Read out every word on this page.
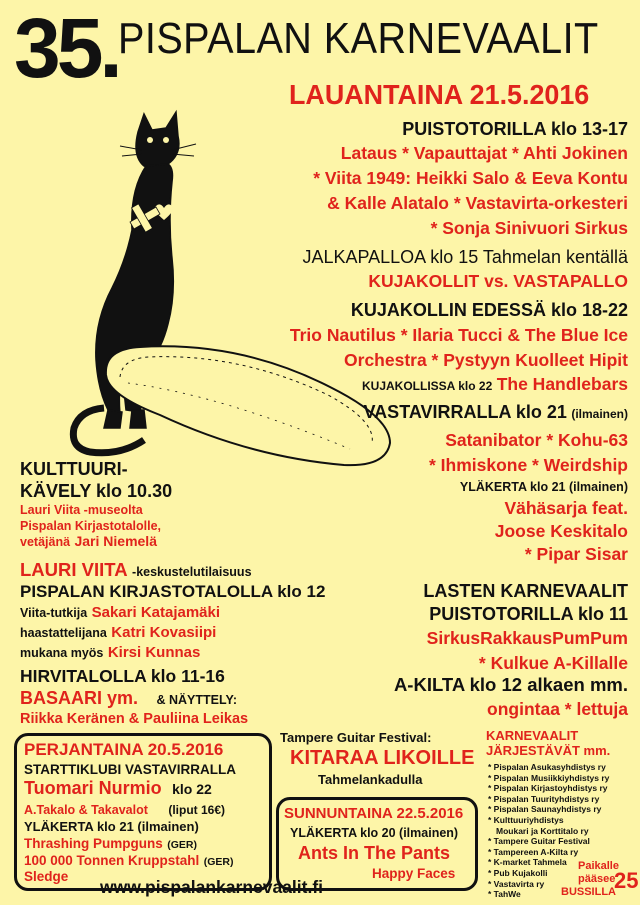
35. PISPALAN KARNEVAALIT
LAUANTAINA 21.5.2016
PUISTOTORILLA klo 13-17
Lataus * Vapauttajat * Ahti Jokinen
* Viita 1949: Heikki Salo & Eeva Kontu
& Kalle Alatalo * Vastavirta-orkesteri
* Sonja Sinivuori Sirkus
JALKAPALLOA klo 15 Tahmelan kentällä
KUJAKOLLIT vs. VASTAPALLO
KUJAKOLLIN EDESSÄ klo 18-22
Trio Nautilus * Ilaria Tucci & The Blue Ice
Orchestra * Pystyyn Kuolleet Hipit
KUJAKOLLISSA klo 22 The Handlebars
VASTAVIRRALLA klo 21 (ilmainen)
Satanibator * Kohu-63
* Ihmiskone * Weirdship
YLÄKERTA klo 21 (ilmainen)
Vähäsarja feat.
Joose Keskitalo
* Pipar Sisar
LASTEN KARNEVAALIT
PUISTOTORILLA klo 11
SirkusRakkausPumPum
* Kulkue A-Killalle
A-KILTA klo 12 alkaen mm.
ongintaa * lettuja
KULTTUURI-
KÄVELY klo 10.30
Lauri Viita -museolta
Pispalan Kirjastotalolle,
vetäjänä Jari Niemelä
LAURI VIITA -keskustelutilaisuus
PISPALAN KIRJASTOTALOLLA klo 12
Viita-tutkija Sakari Katajamäki
haastattelijana Katri Kovasiipi
mukana myös Kirsi Kunnas
HIRVITALOLLA klo 11-16
BASAARI ym. & NÄYTTELY:
Riikka Keränen & Pauliina Leikas
PERJANTAINA 20.5.2016
STARTTIKLUBI VASTAVIRRALLA
Tuomari Nurmio klo 22
A.Takalo & Takavalot (liput 16€)
YLÄKERTA klo 21 (ilmainen)
Thrashing Pumpguns (GER)
100 000 Tonnen Kruppstahl (GER)
Sledge
Tampere Guitar Festival:
KITARAA LIKOILLE
Tahmelankadulla
SUNNUNTAINA 22.5.2016
YLÄKERTA klo 20 (ilmainen)
Ants In The Pants
Happy Faces
KARNEVAALIT
JÄRJESTÄVÄT mm.
* Pispalan Asukasyhdistys ry
* Pispalan Musiikkiyhdistys ry
* Pispalan Kirjastoyhdistys ry
* Pispalan Tuurityhdistys ry
* Pispalan Saunayhdistys ry
* Kulttuuriyhdistys
Moukari ja Korttitalo ry
* Tampere Guitar Festival
* Tampereen A-Kilta ry
* K-market Tahmela
* Pub Kujakolli
* Vastavirta ry
* TahWe
Paikalle
pääsee
BUSSILLA
25
www.pispalankarnevaalit.fi
